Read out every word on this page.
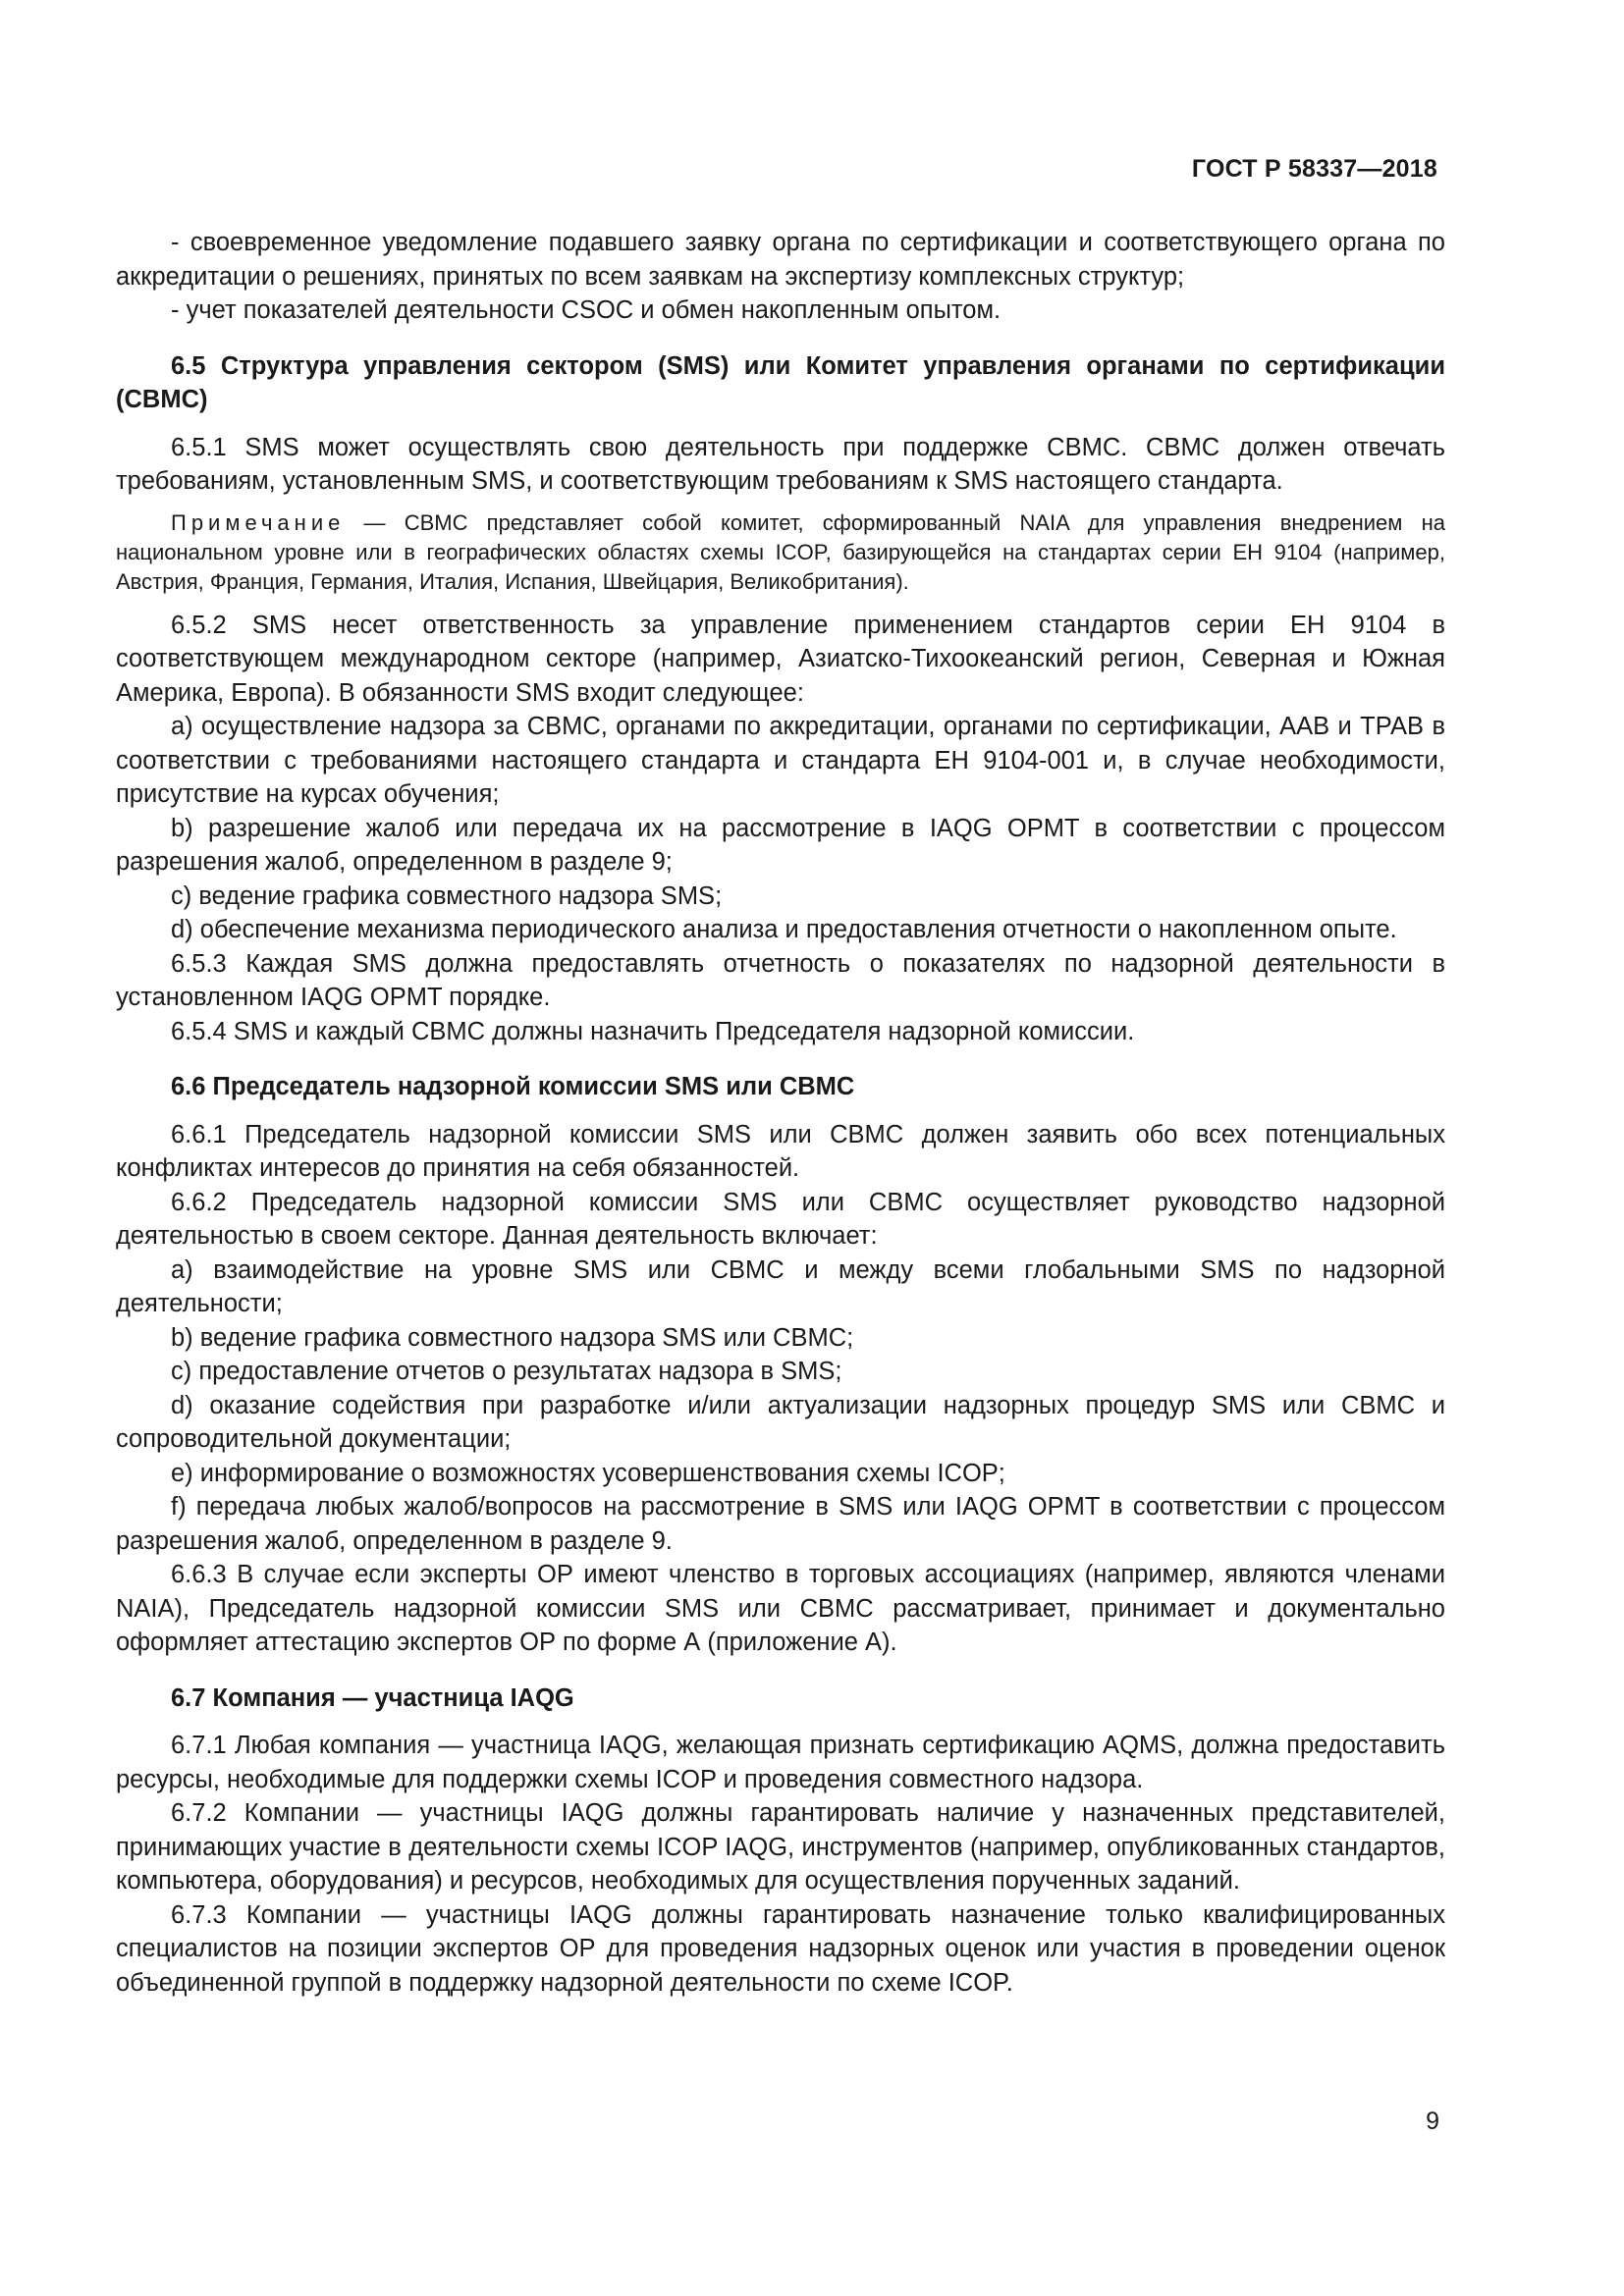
ГОСТ Р 58337—2018

- своевременное уведомление подавшего заявку органа по сертификации и соответствующего органа по аккредитации о решениях, принятых по всем заявкам на экспертизу комплексных структур;

- учет показателей деятельности CSOC и обмен накопленным опытом.

6.5 Структура управления сектором (SMS) или Комитет управления органами по сертификации (СВМС)

6.5.1 SMS может осуществлять свою деятельность при поддержке СВМС. СВМС должен отвечать требованиям, установленным SMS, и соответствующим требованиям к SMS настоящего стандарта.

Примечание — СВМС представляет собой комитет, сформированный NAIA для управления внедрением на национальном уровне или в географических областях схемы ICOP, базирующейся на стандартах серии ЕН 9104 (например, Австрия, Франция, Германия, Италия, Испания, Швейцария, Великобритания).

6.5.2 SMS несет ответственность за управление применением стандартов серии ЕН 9104 в соответствующем международном секторе (например, Азиатско-Тихоокеанский регион, Северная и Южная Америка, Европа). В обязанности SMS входит следующее:

a) осуществление надзора за СВМС, органами по аккредитации, органами по сертификации, ААВ и ТРАВ в соответствии с требованиями настоящего стандарта и стандарта ЕН 9104-001 и, в случае необходимости, присутствие на курсах обучения;

b) разрешение жалоб или передача их на рассмотрение в IAQG OPMT в соответствии с процессом разрешения жалоб, определенном в разделе 9;

c) ведение графика совместного надзора SMS;

d) обеспечение механизма периодического анализа и предоставления отчетности о накопленном опыте.

6.5.3 Каждая SMS должна предоставлять отчетность о показателях по надзорной деятельности в установленном IAQG OPMT порядке.

6.5.4 SMS и каждый СВМС должны назначить Председателя надзорной комиссии.

6.6 Председатель надзорной комиссии SMS или СВМС

6.6.1 Председатель надзорной комиссии SMS или СВМС должен заявить обо всех потенциальных конфликтах интересов до принятия на себя обязанностей.

6.6.2 Председатель надзорной комиссии SMS или СВМС осуществляет руководство надзорной деятельностью в своем секторе. Данная деятельность включает:

a) взаимодействие на уровне SMS или СВМС и между всеми глобальными SMS по надзорной деятельности;

b) ведение графика совместного надзора SMS или СВМС;

c) предоставление отчетов о результатах надзора в SMS;

d) оказание содействия при разработке и/или актуализации надзорных процедур SMS или СВМС и сопроводительной документации;

e) информирование о возможностях усовершенствования схемы ICOP;

f) передача любых жалоб/вопросов на рассмотрение в SMS или IAQG OPMT в соответствии с процессом разрешения жалоб, определенном в разделе 9.

6.6.3 В случае если эксперты ОР имеют членство в торговых ассоциациях (например, являются членами NAIA), Председатель надзорной комиссии SMS или СВМС рассматривает, принимает и документально оформляет аттестацию экспертов ОР по форме А (приложение А).

6.7 Компания — участница IAQG

6.7.1 Любая компания — участница IAQG, желающая признать сертификацию AQMS, должна предоставить ресурсы, необходимые для поддержки схемы ICOP и проведения совместного надзора.

6.7.2 Компании — участницы IAQG должны гарантировать наличие у назначенных представителей, принимающих участие в деятельности схемы ICOP IAQG, инструментов (например, опубликованных стандартов, компьютера, оборудования) и ресурсов, необходимых для осуществления порученных заданий.

6.7.3 Компании — участницы IAQG должны гарантировать назначение только квалифицированных специалистов на позиции экспертов ОР для проведения надзорных оценок или участия в проведении оценок объединенной группой в поддержку надзорной деятельности по схеме ICOP.

9
